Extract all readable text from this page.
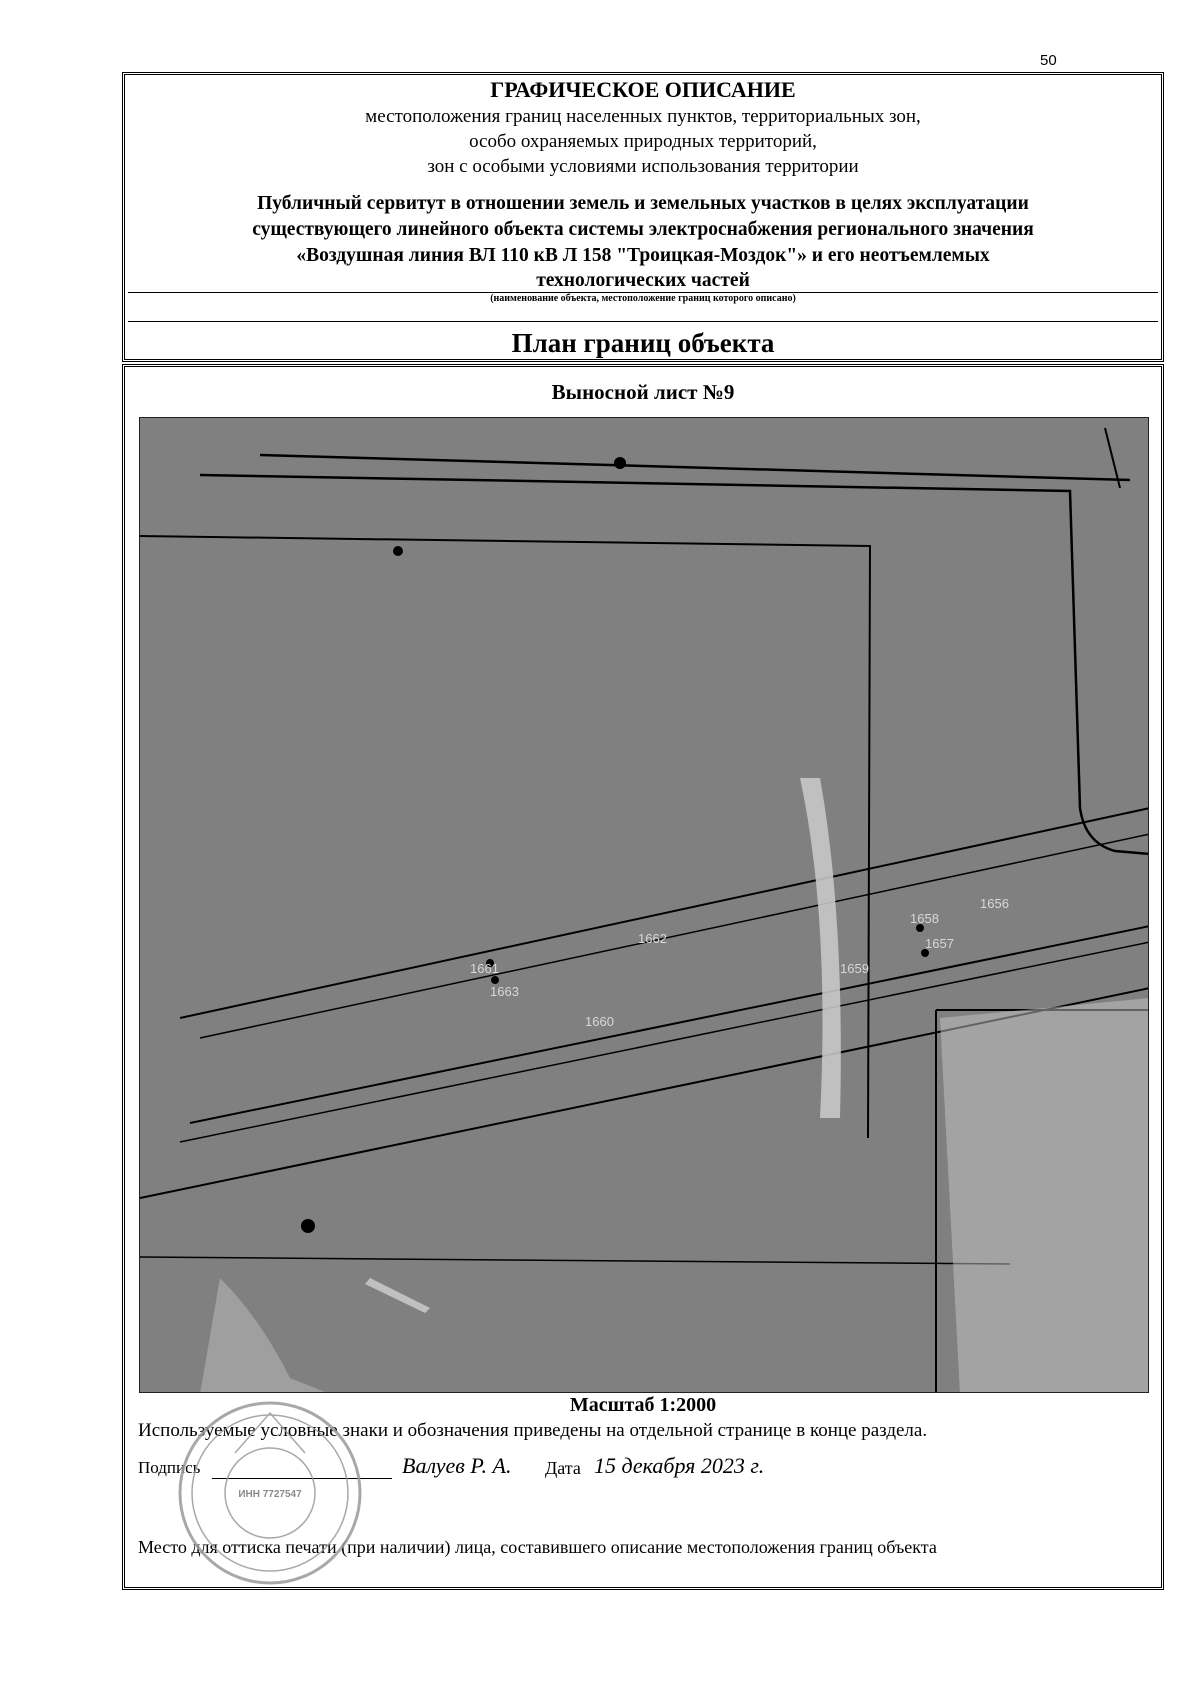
50
ГРАФИЧЕСКОЕ ОПИСАНИЕ
местоположения границ населенных пунктов, территориальных зон,
особо охраняемых природных территорий,
зон с особыми условиями использования территории
Публичный сервитут в отношении земель и земельных участков в целях эксплуатации
существующего линейного объекта системы электроснабжения регионального значения
«Воздушная линия ВЛ 110 кВ Л 158 "Троицкая-Моздок"» и его неотъемлемых
технологических частей
(наименование объекта, местоположение границ которого описано)
План границ объекта
Выносной лист №9
1661
1663
1662
1660
1659
1658
1657
1656
Масштаб 1:2000
Используемые условные знаки и обозначения приведены на отдельной странице в конце раздела.
Подпись	Валуев Р. А. Дата 15 декабря 2023 г.
Место для оттиска печати (при наличии) лица, составившего описание местоположения границ объекта
ИНН 7727547
